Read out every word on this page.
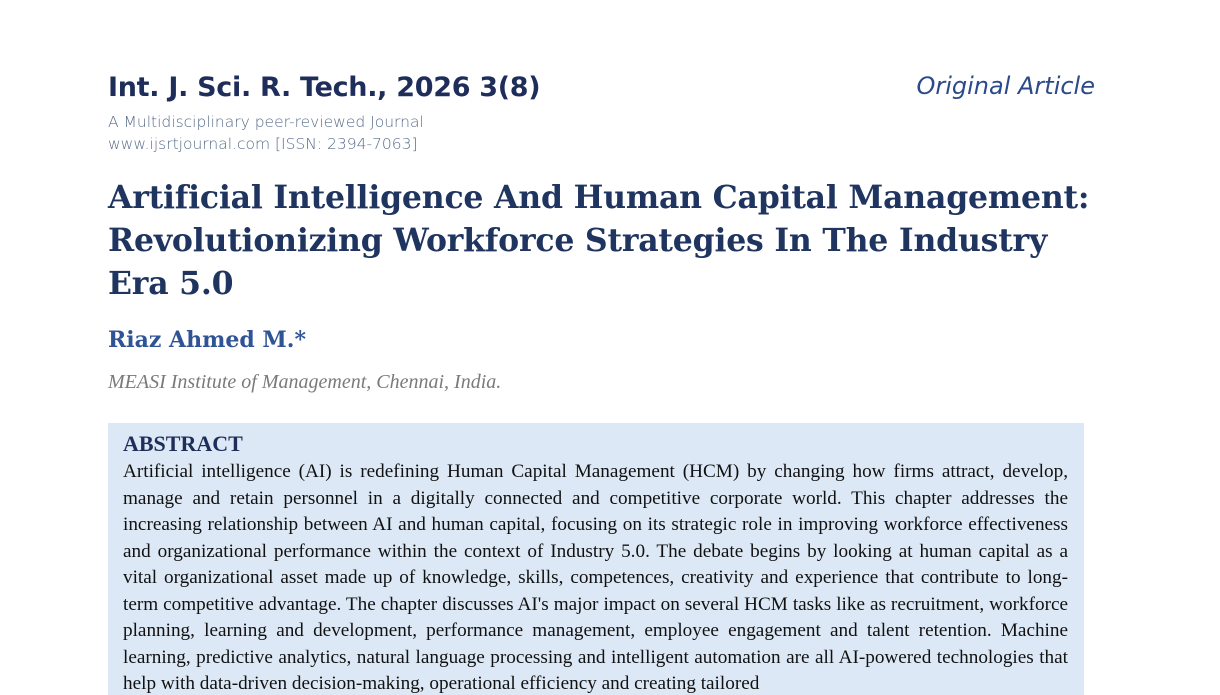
Int. J. Sci. R. Tech., 2026 3(8)
A Multidisciplinary peer-reviewed Journal
www.ijsrtjournal.com [ISSN: 2394-7063]
Original Article
Artificial Intelligence And Human Capital Management: Revolutionizing Workforce Strategies In The Industry Era 5.0
Riaz Ahmed M.*
MEASI Institute of Management, Chennai, India.
ABSTRACT
Artificial intelligence (AI) is redefining Human Capital Management (HCM) by changing how firms attract, develop, manage and retain personnel in a digitally connected and competitive corporate world. This chapter addresses the increasing relationship between AI and human capital, focusing on its strategic role in improving workforce effectiveness and organizational performance within the context of Industry 5.0. The debate begins by looking at human capital as a vital organizational asset made up of knowledge, skills, competences, creativity and experience that contribute to long-term competitive advantage. The chapter discusses AI's major impact on several HCM tasks like as recruitment, workforce planning, learning and development, performance management, employee engagement and talent retention. Machine learning, predictive analytics, natural language processing and intelligent automation are all AI-powered technologies that help with data-driven decision-making, operational efficiency and creating tailored
